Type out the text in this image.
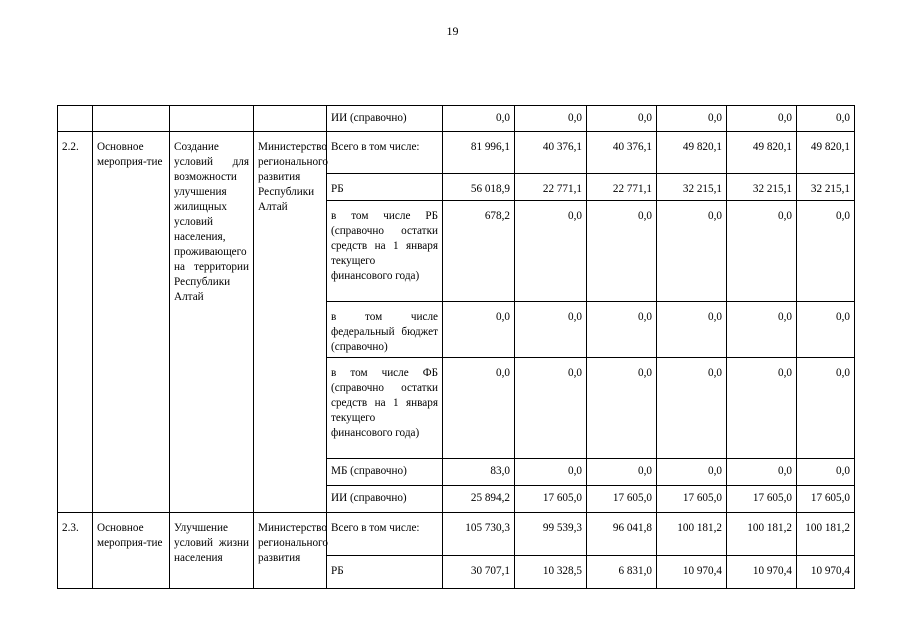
19
				ИИ (справочно)	0,0	0,0	0,0	0,0	0,0	0,0
2.2.	Основное мероприя-тие	Создание условий для возможности улучшения жилищных условий населения, проживающего на территории Республики Алтай	Министерство регионального развития Республики Алтай	Всего в том числе:	81 996,1	40 376,1	40 376,1	49 820,1	49 820,1	49 820,1
				РБ	56 018,9	22 771,1	22 771,1	32 215,1	32 215,1	32 215,1
				в том числе РБ (справочно остатки средств на 1 января текущего финансового года)	678,2	0,0	0,0	0,0	0,0	0,0
				в том числе федеральный бюджет (справочно)	0,0	0,0	0,0	0,0	0,0	0,0
				в том числе ФБ (справочно остатки средств на 1 января текущего финансового года)	0,0	0,0	0,0	0,0	0,0	0,0
				МБ (справочно)	83,0	0,0	0,0	0,0	0,0	0,0
				ИИ (справочно)	25 894,2	17 605,0	17 605,0	17 605,0	17 605,0	17 605,0
2.3.	Основное мероприя-тие	Улучшение условий жизни населения	Министерство регионального развития	Всего в том числе:	105 730,3	99 539,3	96 041,8	100 181,2	100 181,2	100 181,2
				РБ	30 707,1	10 328,5	6 831,0	10 970,4	10 970,4	10 970,4
